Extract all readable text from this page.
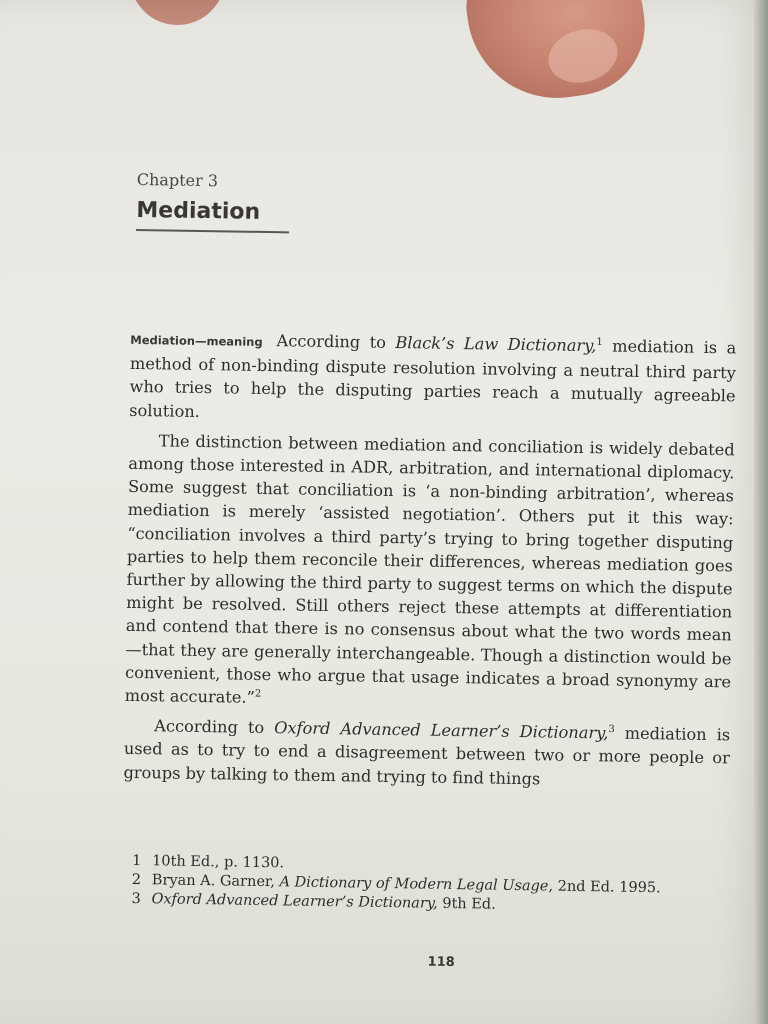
Chapter 3
Mediation

Mediation—meaning According to Black’s Law Dictionary,$^1$ mediation is a method of non-binding dispute resolution involving a neutral third party who tries to help the disputing parties reach a mutually agreeable solution.

The distinction between mediation and conciliation is widely debated among those interested in ADR, arbitration, and international diplomacy. Some suggest that conciliation is ‘a non-binding arbitration’, whereas mediation is merely ‘assisted negotiation’. Others put it this way: “conciliation involves a third party’s trying to bring together disputing parties to help them reconcile their differences, whereas mediation goes further by allowing the third party to suggest terms on which the dispute might be resolved. Still others reject these attempts at differentiation and contend that there is no consensus about what the two words mean—that they are generally interchangeable. Though a distinction would be convenient, those who argue that usage indicates a broad synonymy are most accurate.”$^2$

According to Oxford Advanced Learner’s Dictionary,$^3$ mediation is used as to try to end a disagreement between two or more people or groups by talking to them and trying to find things

1 10th Ed., p. 1130.
2 Bryan A. Garner, A Dictionary of Modern Legal Usage, 2nd Ed. 1995.
3 Oxford Advanced Learner’s Dictionary, 9th Ed.
118
